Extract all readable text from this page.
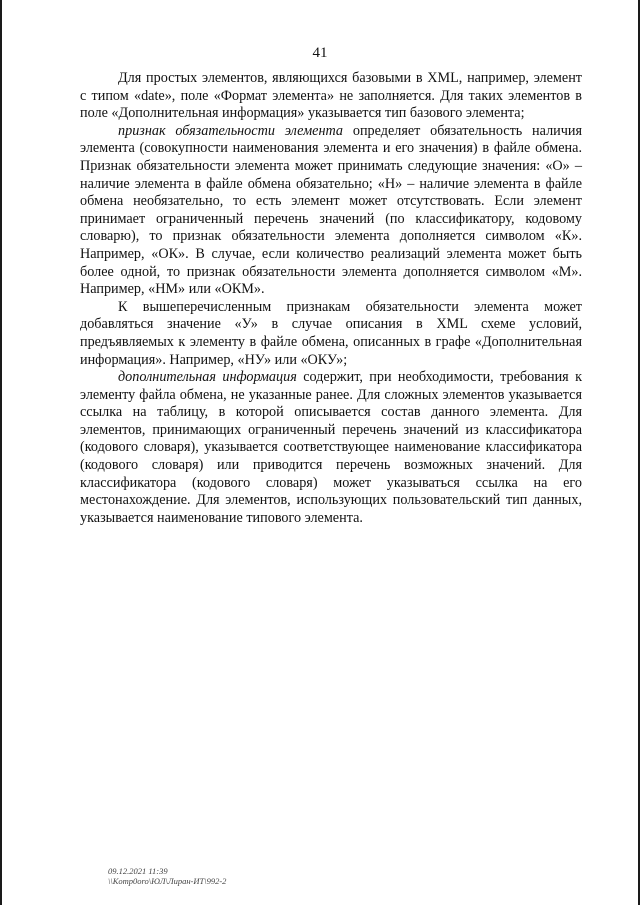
41

Для простых элементов, являющихся базовыми в XML, например, элемент с типом «date», поле «Формат элемента» не заполняется. Для таких элементов в поле «Дополнительная информация» указывается тип базового элемента;

признак обязательности элемента определяет обязательность наличия элемента (совокупности наименования элемента и его значения) в файле обмена. Признак обязательности элемента может принимать следующие значения: «О» – наличие элемента в файле обмена обязательно; «Н» – наличие элемента в файле обмена необязательно, то есть элемент может отсутствовать. Если элемент принимает ограниченный перечень значений (по классификатору, кодовому словарю), то признак обязательности элемента дополняется символом «К». Например, «ОК». В случае, если количество реализаций элемента может быть более одной, то признак обязательности элемента дополняется символом «М». Например, «НМ» или «ОКМ».

К вышеперечисленным признакам обязательности элемента может добавляться значение «У» в случае описания в XML схеме условий, предъявляемых к элементу в файле обмена, описанных в графе «Дополнительная информация». Например, «НУ» или «ОКУ»;

дополнительная информация содержит, при необходимости, требования к элементу файла обмена, не указанные ранее. Для сложных элементов указывается ссылка на таблицу, в которой описывается состав данного элемента. Для элементов, принимающих ограниченный перечень значений из классификатора (кодового словаря), указывается соответствующее наименование классификатора (кодового словаря) или приводится перечень возможных значений. Для классификатора (кодового словаря) может указываться ссылка на его местонахождение. Для элементов, использующих пользовательский тип данных, указывается наименование типового элемента.

09.12.2021 11:39
\\Komp0oro\ЮЛ\Лиран-ИТ\992-2
